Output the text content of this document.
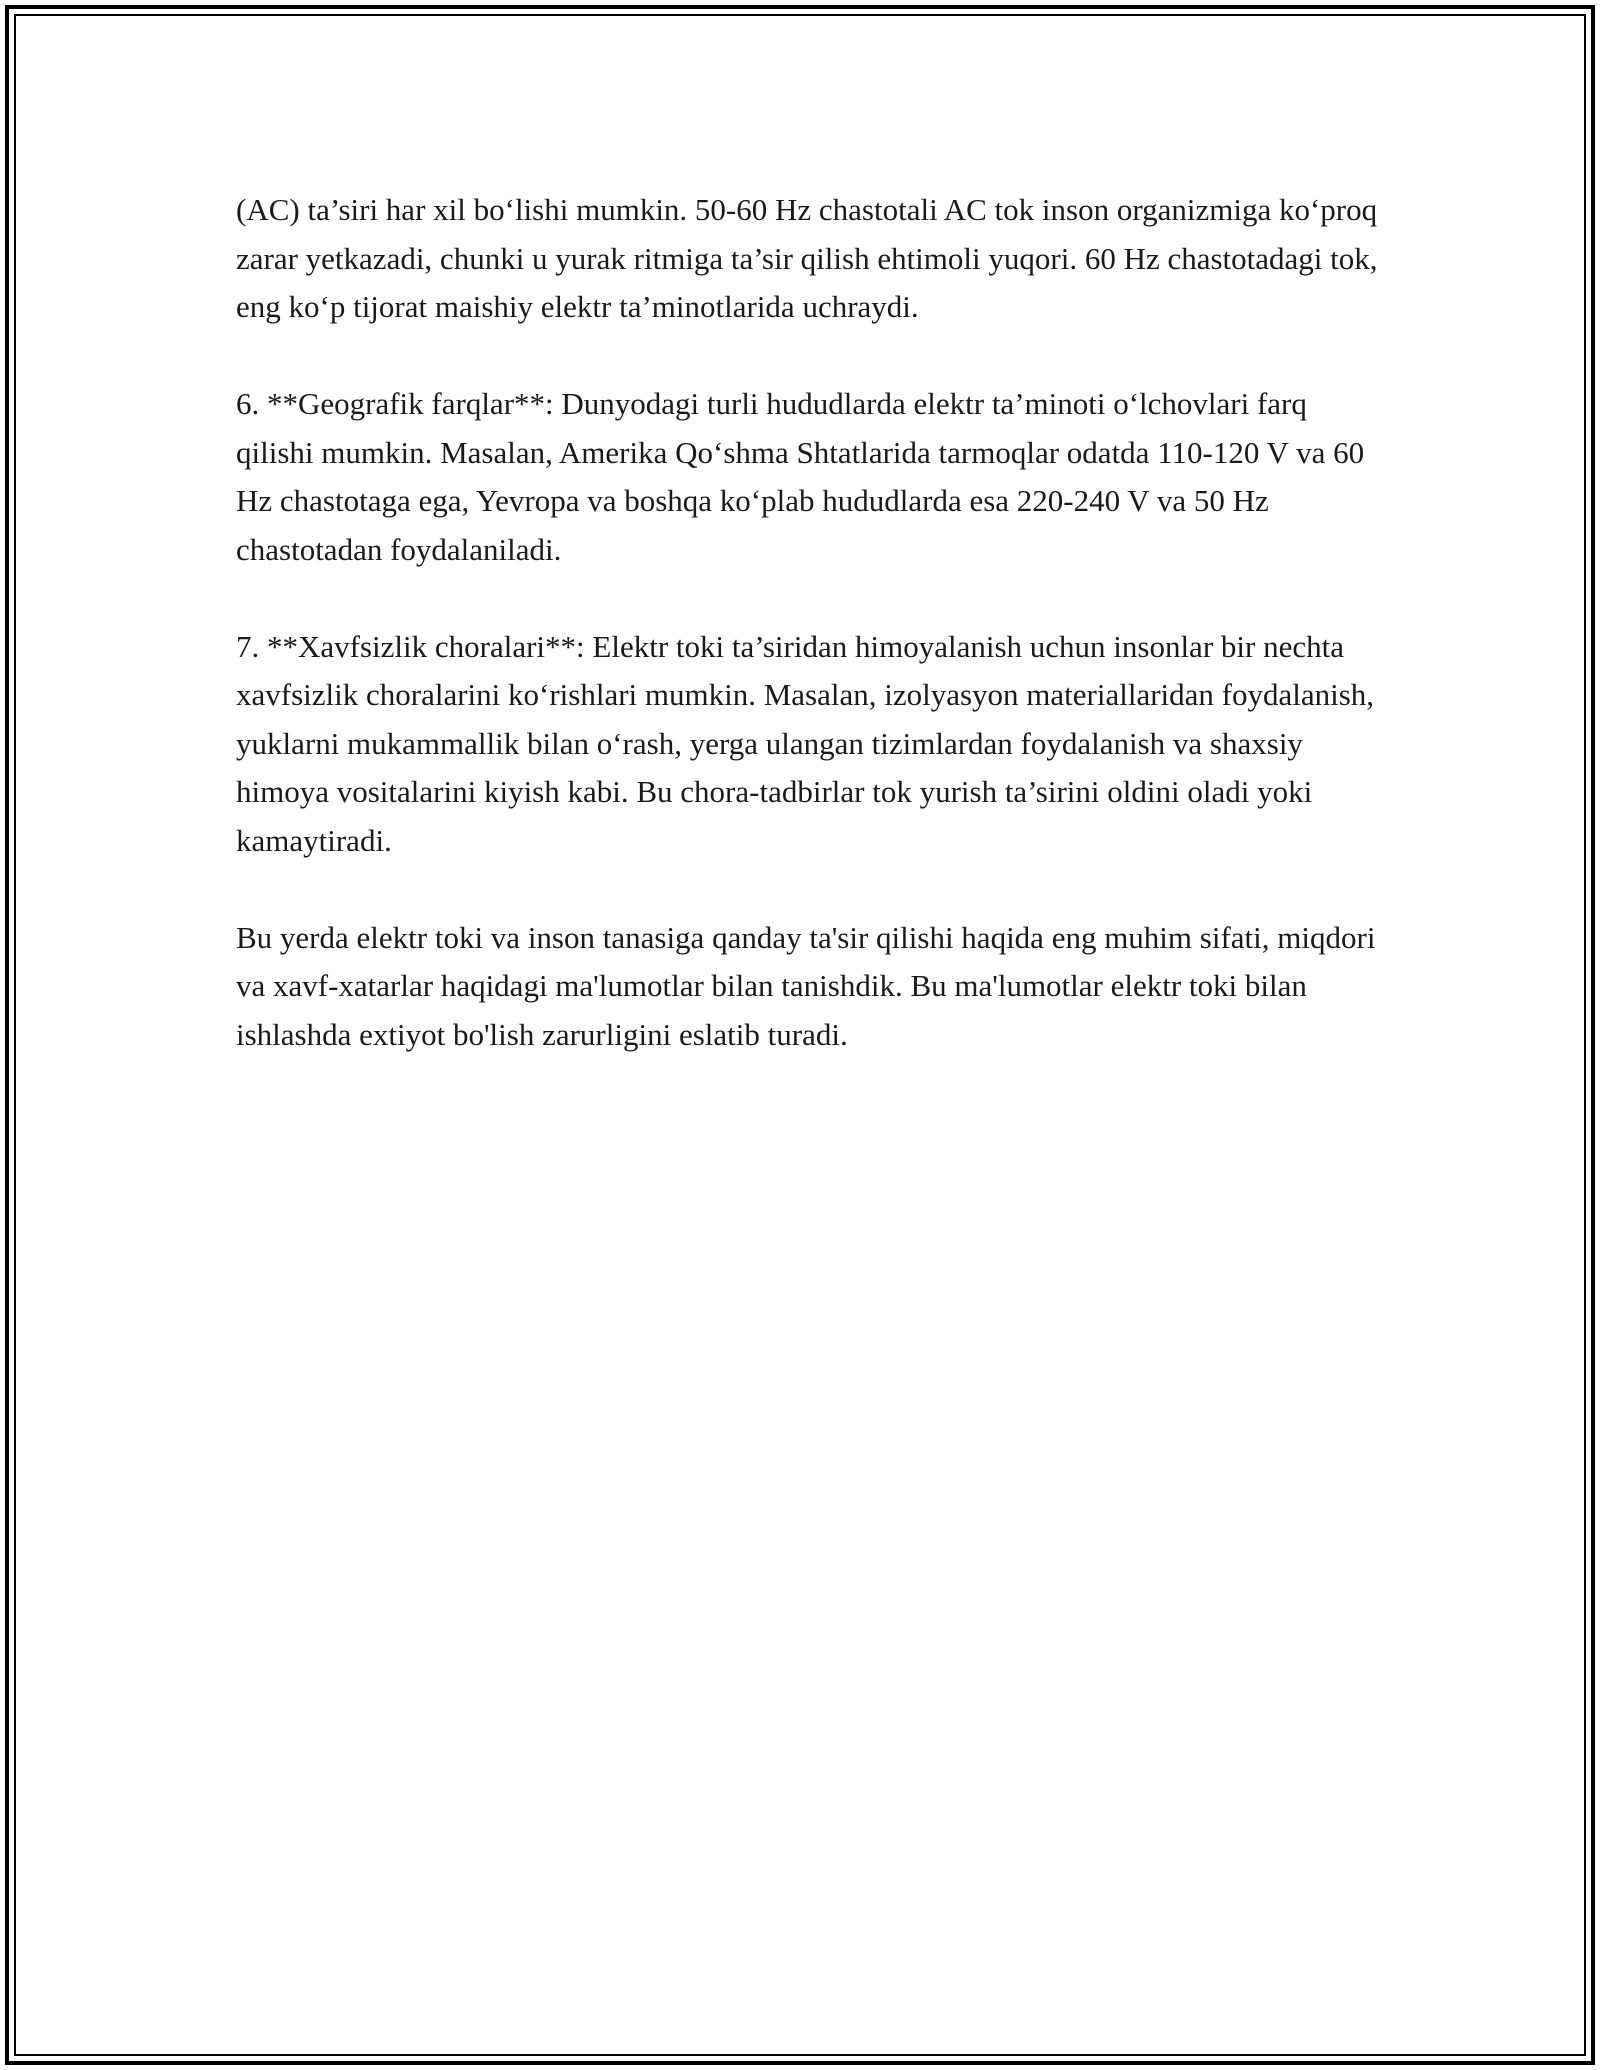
(AC) ta’siri har xil bo‘lishi mumkin. 50-60 Hz chastotali AC tok inson organizmiga ko‘proq zarar yetkazadi, chunki u yurak ritmiga ta’sir qilish ehtimoli yuqori. 60 Hz chastotadagi tok, eng ko‘p tijorat maishiy elektr ta’minotlarida uchraydi.

6. **Geografik farqlar**: Dunyodagi turli hududlarda elektr ta’minoti o‘lchovlari farq qilishi mumkin. Masalan, Amerika Qo‘shma Shtatlarida tarmoqlar odatda 110-120 V va 60 Hz chastotaga ega, Yevropa va boshqa ko‘plab hududlarda esa 220-240 V va 50 Hz chastotadan foydalaniladi.

7. **Xavfsizlik choralari**: Elektr toki ta’siridan himoyalanish uchun insonlar bir nechta xavfsizlik choralarini ko‘rishlari mumkin. Masalan, izolyasyon materiallaridan foydalanish, yuklarni mukammallik bilan o‘rash, yerga ulangan tizimlardan foydalanish va shaxsiy himoya vositalarini kiyish kabi. Bu chora-tadbirlar tok yurish ta’sirini oldini oladi yoki kamaytiradi.

Bu yerda elektr toki va inson tanasiga qanday ta'sir qilishi haqida eng muhim sifati, miqdori va xavf-xatarlar haqidagi ma'lumotlar bilan tanishdik. Bu ma'lumotlar elektr toki bilan ishlashda extiyot bo'lish zarurligini eslatib turadi.
